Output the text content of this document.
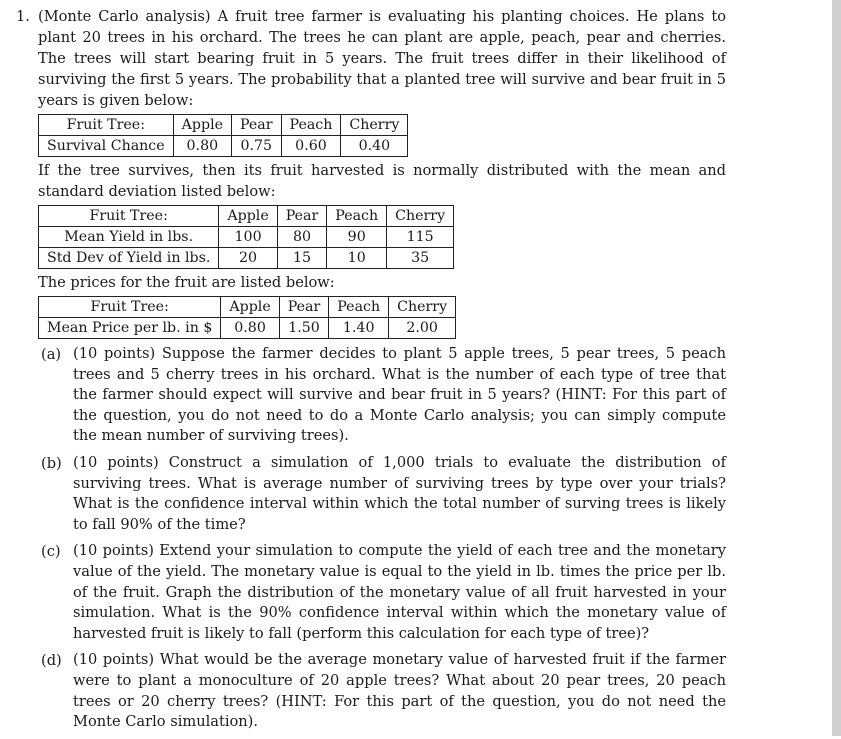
1. (Monte Carlo analysis) A fruit tree farmer is evaluating his planting choices. He plans to plant 20 trees in his orchard. The trees he can plant are apple, peach, pear and cherries. The trees will start bearing fruit in 5 years. The fruit trees differ in their likelihood of surviving the first 5 years. The probability that a planted tree will survive and bear fruit in 5 years is given below:

Fruit Tree:	Apple	Pear	Peach	Cherry
Survival Chance	0.80	0.75	0.60	0.40

If the tree survives, then its fruit harvested is normally distributed with the mean and standard deviation listed below:

Fruit Tree:	Apple	Pear	Peach	Cherry
Mean Yield in lbs.	100	80	90	115
Std Dev of Yield in lbs.	20	15	10	35

The prices for the fruit are listed below:

Fruit Tree:	Apple	Pear	Peach	Cherry
Mean Price per lb. in $	0.80	1.50	1.40	2.00
(a) (10 points) Suppose the farmer decides to plant 5 apple trees, 5 pear trees, 5 peach trees and 5 cherry trees in his orchard. What is the number of each type of tree that the farmer should expect will survive and bear fruit in 5 years? (HINT: For this part of the question, you do not need to do a Monte Carlo analysis; you can simply compute the mean number of surviving trees).
(b) (10 points) Construct a simulation of 1,000 trials to evaluate the distribution of surviving trees. What is average number of surviving trees by type over your trials? What is the confidence interval within which the total number of surving trees is likely to fall 90% of the time?
(c) (10 points) Extend your simulation to compute the yield of each tree and the monetary value of the yield. The monetary value is equal to the yield in lb. times the price per lb. of the fruit. Graph the distribution of the monetary value of all fruit harvested in your simulation. What is the 90% confidence interval within which the monetary value of harvested fruit is likely to fall (perform this calculation for each type of tree)?
(d) (10 points) What would be the average monetary value of harvested fruit if the farmer were to plant a monoculture of 20 apple trees? What about 20 pear trees, 20 peach trees or 20 cherry trees? (HINT: For this part of the question, you do not need the Monte Carlo simulation).
